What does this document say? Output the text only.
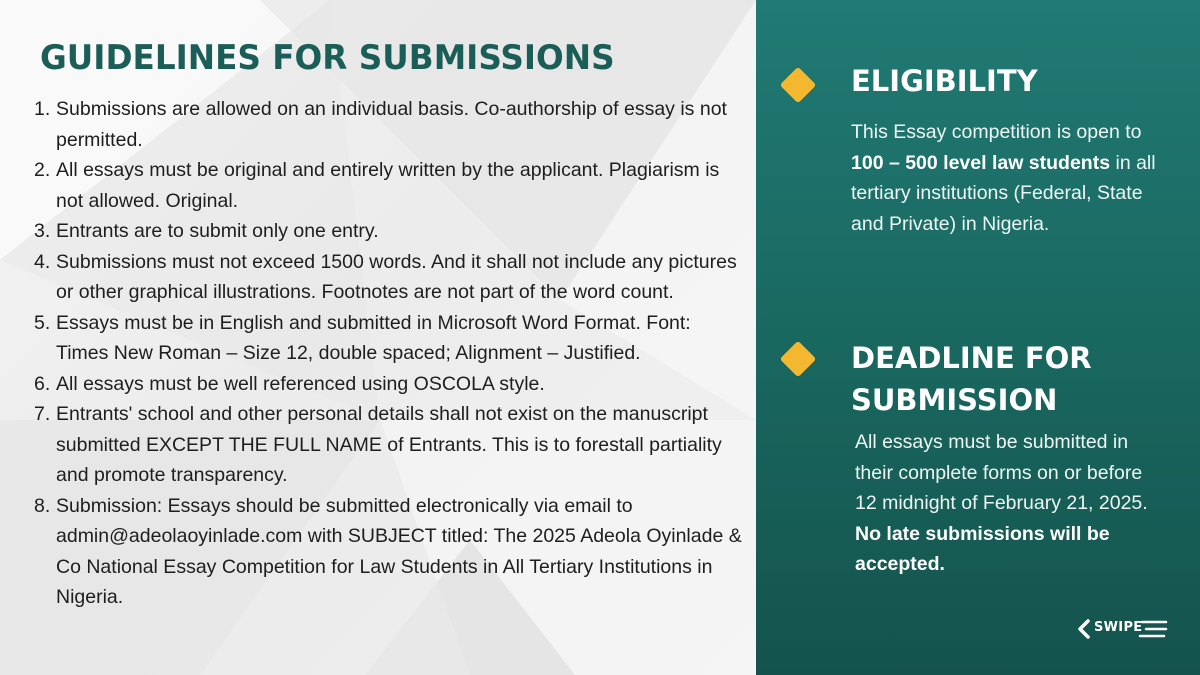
GUIDELINES FOR SUBMISSIONS
1. Submissions are allowed on an individual basis. Co-authorship of essay is not permitted.
2. All essays must be original and entirely written by the applicant. Plagiarism is not allowed. Original.
3. Entrants are to submit only one entry.
4. Submissions must not exceed 1500 words. And it shall not include any pictures or other graphical illustrations. Footnotes are not part of the word count.
5. Essays must be in English and submitted in Microsoft Word Format. Font: Times New Roman – Size 12, double spaced; Alignment – Justified.
6. All essays must be well referenced using OSCOLA style.
7. Entrants' school and other personal details shall not exist on the manuscript submitted EXCEPT THE FULL NAME of Entrants. This is to forestall partiality and promote transparency.
8. Submission: Essays should be submitted electronically via email to admin@adeolaoyinlade.com with SUBJECT titled: The 2025 Adeola Oyinlade & Co National Essay Competition for Law Students in All Tertiary Institutions in Nigeria.
ELIGIBILITY
This Essay competition is open to 100 – 500 level law students in all tertiary institutions (Federal, State and Private) in Nigeria.
DEADLINE FOR SUBMISSION
All essays must be submitted in their complete forms on or before 12 midnight of February 21, 2025. No late submissions will be accepted.
SWIPE
